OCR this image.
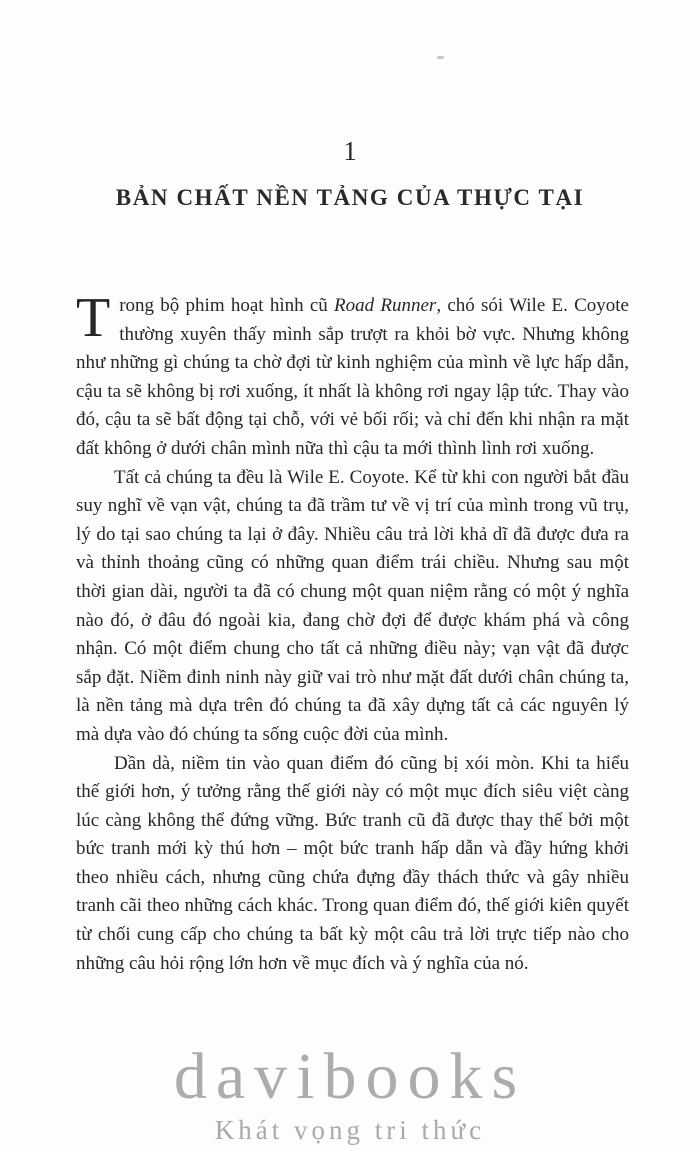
1
BẢN CHẤT NỀN TẢNG CỦA THỰC TẠI

Trong bộ phim hoạt hình cũ Road Runner, chó sói Wile E. Coyote thường xuyên thấy mình sắp trượt ra khỏi bờ vực. Nhưng không như những gì chúng ta chờ đợi từ kinh nghiệm của mình về lực hấp dẫn, cậu ta sẽ không bị rơi xuống, ít nhất là không rơi ngay lập tức. Thay vào đó, cậu ta sẽ bất động tại chỗ, với vẻ bối rối; và chỉ đến khi nhận ra mặt đất không ở dưới chân mình nữa thì cậu ta mới thình lình rơi xuống.

Tất cả chúng ta đều là Wile E. Coyote. Kể từ khi con người bắt đầu suy nghĩ về vạn vật, chúng ta đã trầm tư về vị trí của mình trong vũ trụ, lý do tại sao chúng ta lại ở đây. Nhiều câu trả lời khả dĩ đã được đưa ra và thỉnh thoảng cũng có những quan điểm trái chiều. Nhưng sau một thời gian dài, người ta đã có chung một quan niệm rằng có một ý nghĩa nào đó, ở đâu đó ngoài kia, đang chờ đợi để được khám phá và công nhận. Có một điểm chung cho tất cả những điều này; vạn vật đã được sắp đặt. Niềm đinh ninh này giữ vai trò như mặt đất dưới chân chúng ta, là nền tảng mà dựa trên đó chúng ta đã xây dựng tất cả các nguyên lý mà dựa vào đó chúng ta sống cuộc đời của mình.

Dần dà, niềm tin vào quan điểm đó cũng bị xói mòn. Khi ta hiểu thế giới hơn, ý tưởng rằng thế giới này có một mục đích siêu việt càng lúc càng không thể đứng vững. Bức tranh cũ đã được thay thế bởi một bức tranh mới kỳ thú hơn – một bức tranh hấp dẫn và đầy hứng khởi theo nhiều cách, nhưng cũng chứa đựng đầy thách thức và gây nhiều tranh cãi theo những cách khác. Trong quan điểm đó, thế giới kiên quyết từ chối cung cấp cho chúng ta bất kỳ một câu trả lời trực tiếp nào cho những câu hỏi rộng lớn hơn về mục đích và ý nghĩa của nó.

davibooks
Khát vọng tri thức
